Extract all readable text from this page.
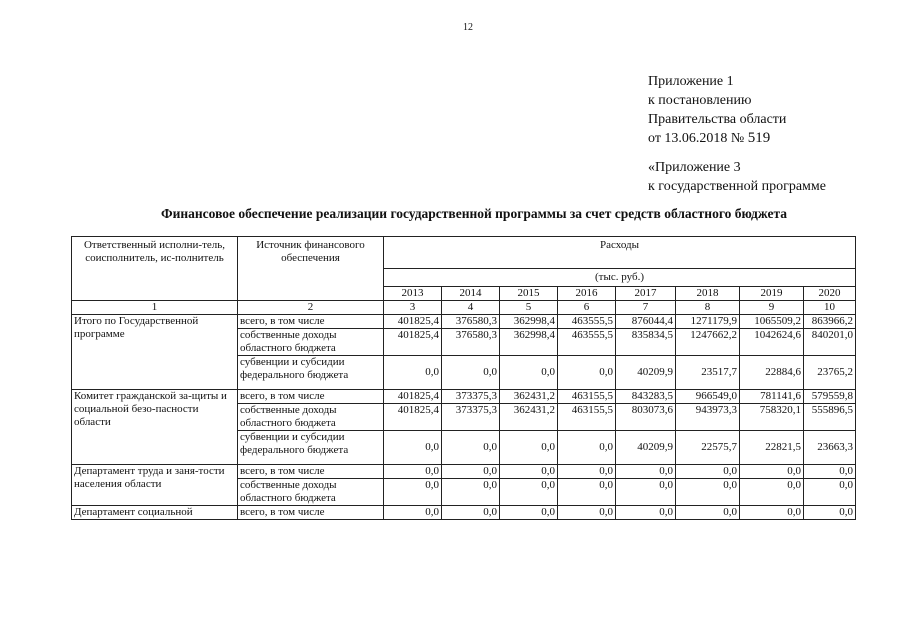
12
Приложение 1
к постановлению
Правительства области
от 13.06.2018 № 519
«Приложение 3
к государственной программе
Финансовое обеспечение реализации государственной программы за счет средств областного бюджета
Ответственный исполни-тель, соисполнитель, ис-полнитель	Источник финансового обеспечения	Расходы							
		(тыс. руб.)							
		2013	2014	2015	2016	2017	2018	2019	2020
1	2	3	4	5	6	7	8	9	10
Итого по Государственной программе	всего, в том числе	401825,4	376580,3	362998,4	463555,5	876044,4	1271179,9	1065509,2	863966,2
	собственные доходы областного бюджета	401825,4	376580,3	362998,4	463555,5	835834,5	1247662,2	1042624,6	840201,0
	субвенции и субсидии федерального бюджета	0,0	0,0	0,0	0,0	40209,9	23517,7	22884,6	23765,2
Комитет гражданской за-щиты и социальной безо-пасности области	всего, в том числе	401825,4	373375,3	362431,2	463155,5	843283,5	966549,0	781141,6	579559,8
	собственные доходы областного бюджета	401825,4	373375,3	362431,2	463155,5	803073,6	943973,3	758320,1	555896,5
	субвенции и субсидии федерального бюджета	0,0	0,0	0,0	0,0	40209,9	22575,7	22821,5	23663,3
Департамент труда и заня-тости населения области	всего, в том числе	0,0	0,0	0,0	0,0	0,0	0,0	0,0	0,0
	собственные доходы областного бюджета	0,0	0,0	0,0	0,0	0,0	0,0	0,0	0,0
Департамент социальной	всего, в том числе	0,0	0,0	0,0	0,0	0,0	0,0	0,0	0,0
